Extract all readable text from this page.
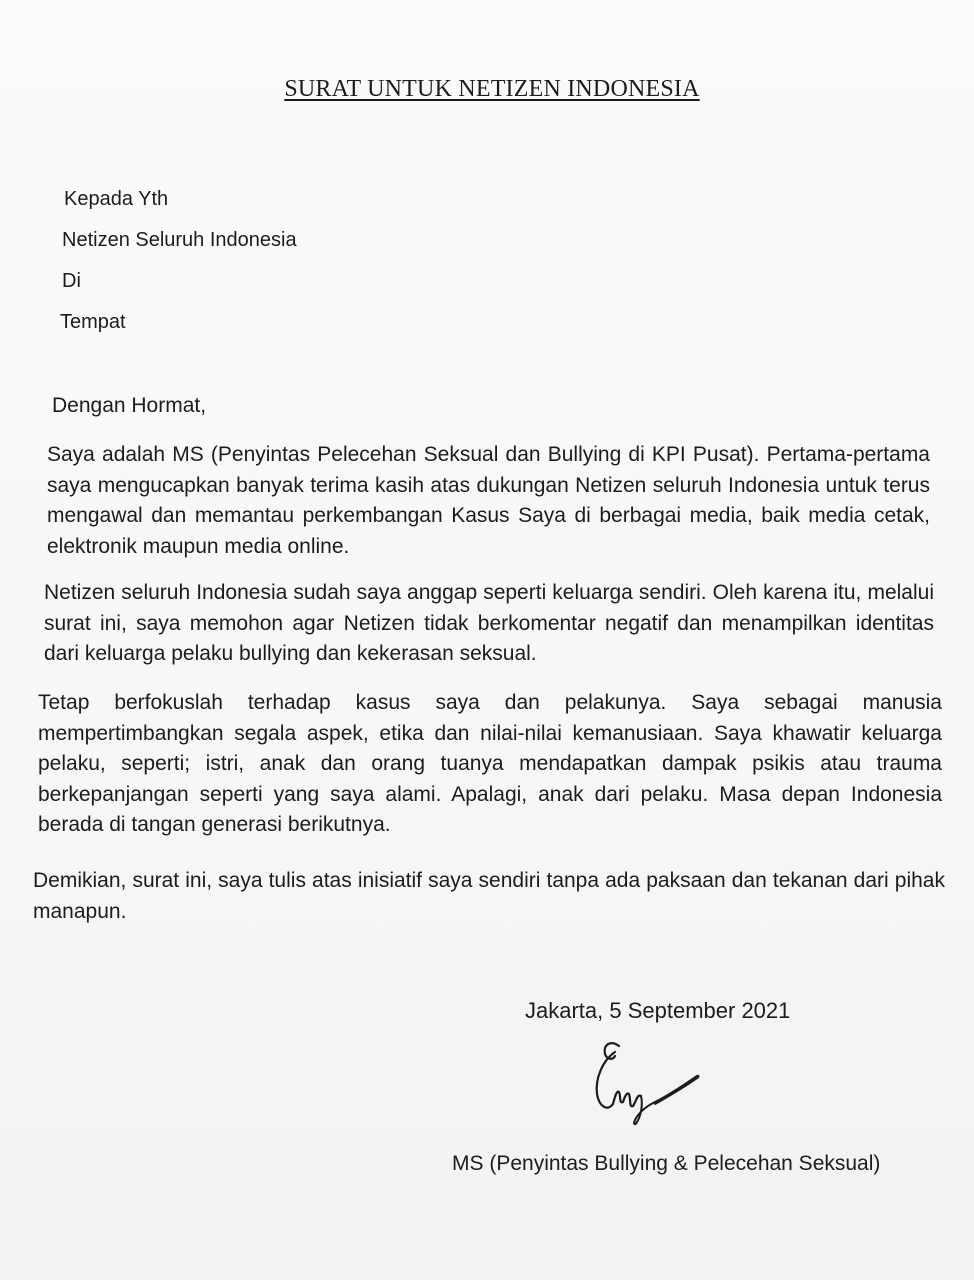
SURAT UNTUK NETIZEN INDONESIA

Kepada Yth

Netizen Seluruh Indonesia

Di

Tempat

Dengan Hormat,

Saya adalah MS (Penyintas Pelecehan Seksual dan Bullying di KPI Pusat). Pertama-pertama saya mengucapkan banyak terima kasih atas dukungan Netizen seluruh Indonesia untuk terus mengawal dan memantau perkembangan Kasus Saya di berbagai media, baik media cetak, elektronik maupun media online.

Netizen seluruh Indonesia sudah saya anggap seperti keluarga sendiri. Oleh karena itu, melalui surat ini, saya memohon agar Netizen tidak berkomentar negatif dan menampilkan identitas dari keluarga pelaku bullying dan kekerasan seksual.

Tetap berfokuslah terhadap kasus saya dan pelakunya. Saya sebagai manusia mempertimbangkan segala aspek, etika dan nilai-nilai kemanusiaan. Saya khawatir keluarga pelaku, seperti; istri, anak dan orang tuanya mendapatkan dampak psikis atau trauma berkepanjangan seperti yang saya alami. Apalagi, anak dari pelaku. Masa depan Indonesia berada di tangan generasi berikutnya.

Demikian, surat ini, saya tulis atas inisiatif saya sendiri tanpa ada paksaan dan tekanan dari pihak manapun.

Jakarta, 5 September 2021

MS (Penyintas Bullying & Pelecehan Seksual)
